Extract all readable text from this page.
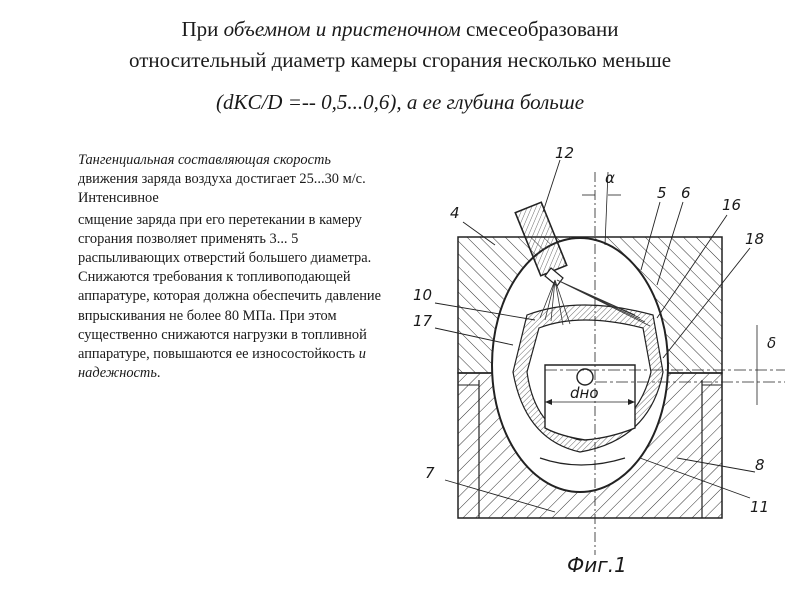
При объемном и пристеночном смесеобразовани
относительный диаметр камеры сгорания несколько меньше
(dKC/D =-- 0,5...0,6), а ее глубина больше

Тангенциальная составляющая скорость движения заряда воздуха достигает 25...30 м/с. Интенсивное

смщение заряда при его перетекании в камеру сгорания позволяет применять 3... 5 распыливающих отверстий большего диаметра. Снижаются требования к топливоподающей аппаратуре, которая должна обеспечить давление впрыскивания не более 80 МПа. При этом существенно снижаются нагрузки в топливной аппаратуре, повышаются ее износостойкость и надежность.

12
4
α
5 6
16
18
10
17
δ
dно
8
7
11
Фиг.1
